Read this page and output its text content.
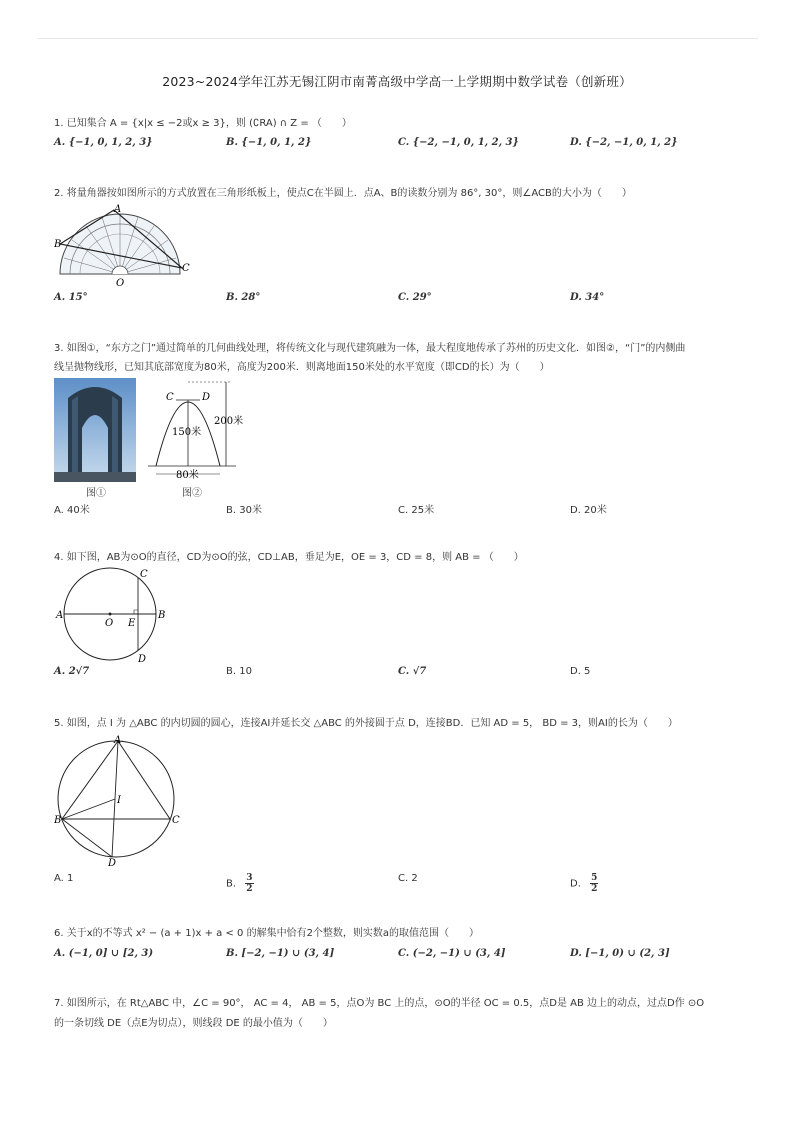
2023~2024学年江苏无锡江阴市南菁高级中学高一上学期期中数学试卷（创新班）
1. 已知集合 A = {x|x ≤ −2或x ≥ 3}，则 (∁RA) ∩ Z = （　　）
A. {−1, 0, 1, 2, 3}	B. {−1, 0, 1, 2}	C. {−2, −1, 0, 1, 2, 3}	D. {−2, −1, 0, 1, 2}
2. 将量角器按如图所示的方式放置在三角形纸板上，使点C在半圆上．点A、B的读数分别为 86°, 30°，则∠ACB的大小为（　　）
A
B
C
O
A. 15°	B. 28°	C. 29°	D. 34°
3. 如图①，“东方之门”通过简单的几何曲线处理，将传统文化与现代建筑融为一体，最大程度地传承了苏州的历史文化．如图②，“门”的内侧曲
线呈抛物线形，已知其底部宽度为80米，高度为200米．则离地面150米处的水平宽度（即CD的长）为（　　）
图①
C	D
150米
200米
80米
图②
A. 40米	B. 30米	C. 25米	D. 20米
4. 如下图，AB为⊙O的直径，CD为⊙O的弦，CD⊥AB，垂足为E，OE = 3，CD = 8，则 AB = （　　）
C
A
O E
B
D
A. 2√7	B. 10	C. √7	D. 5
5. 如图，点 I 为 △ABC 的内切圆的圆心，连接AI并延长交 △ABC 的外接圆于点 D，连接BD．已知 AD = 5， BD = 3，则AI的长为（　　）
A
I
B	C
D
A. 1	B. $\frac{3}{2}$	C. 2	D. $\frac{5}{2}$
6. 关于x的不等式 x² − (a + 1)x + a < 0 的解集中恰有2个整数，则实数a的取值范围（　　）
A. (−1, 0] ∪ [2, 3)	B. [−2, −1) ∪ (3, 4]	C. (−2, −1) ∪ (3, 4]	D. [−1, 0) ∪ (2, 3]
7. 如图所示，在 Rt△ABC 中，∠C = 90°， AC = 4， AB = 5，点O为 BC 上的点，⊙O的半径 OC = 0.5，点D是 AB 边上的动点，过点D作 ⊙O
的一条切线 DE（点E为切点），则线段 DE 的最小值为（　　）
